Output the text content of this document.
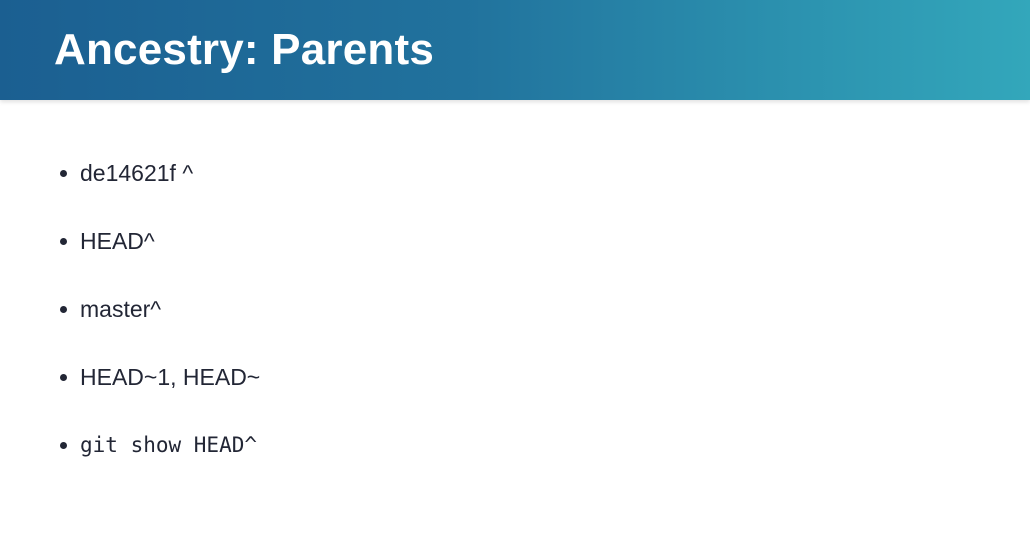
Ancestry: Parents
de14621f ^
HEAD^
master^
HEAD~1, HEAD~
git show HEAD^
